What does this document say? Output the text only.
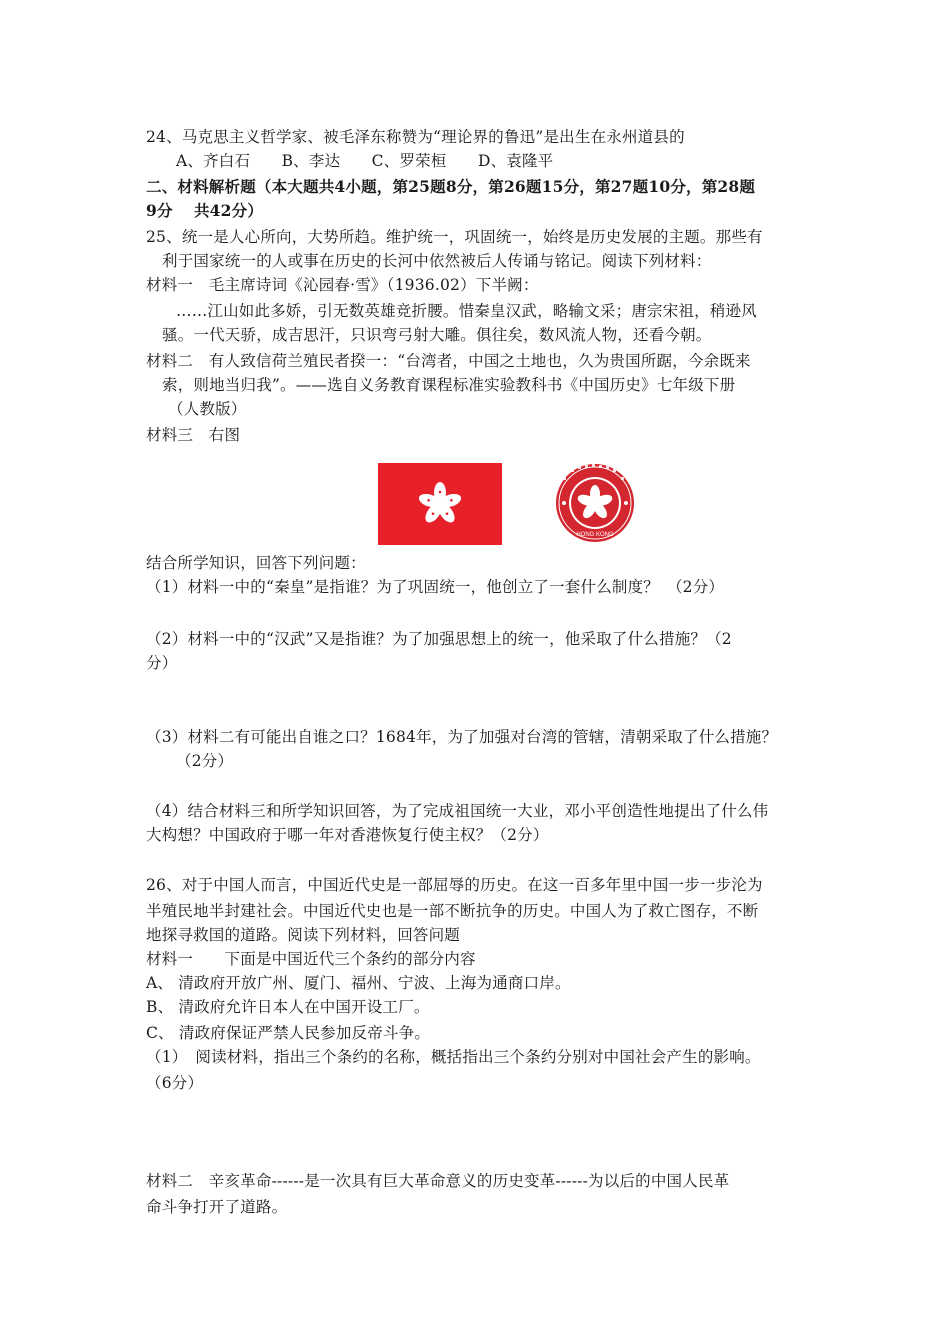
24、马克思主义哲学家、被毛泽东称赞为“理论界的鲁迅”是出生在永州道县的
A、齐白石　　B、李达　　C、罗荣桓　　D、袁隆平
二、材料解析题（本大题共4小题，第25题8分，第26题15分，第27题10分，第28题
9分　 共42分）
25、统一是人心所向，大势所趋。维护统一，巩固统一，始终是历史发展的主题。那些有
利于国家统一的人或事在历史的长河中依然被后人传诵与铭记。阅读下列材料：
材料一　毛主席诗词《沁园春·雪》（1936.02）下半阙：
……江山如此多娇，引无数英雄竞折腰。惜秦皇汉武，略输文采；唐宗宋祖，稍逊风
骚。一代天骄，成吉思汗，只识弯弓射大雕。俱往矣，数风流人物，还看今朝。
材料二　有人致信荷兰殖民者揆一：“台湾者，中国之土地也，久为贵国所踞，今余既来
索，则地当归我”。——选自义务教育课程标准实验教科书《中国历史》七年级下册
（人教版）
材料三　右图
HONG KONG
结合所学知识，回答下列问题：
（1）材料一中的“秦皇”是指谁？为了巩固统一，他创立了一套什么制度？　（2分）
（2）材料一中的“汉武”又是指谁？为了加强思想上的统一，他采取了什么措施？（2
分）
（3）材料二有可能出自谁之口？1684年，为了加强对台湾的管辖，清朝采取了什么措施？
（2分）
（4）结合材料三和所学知识回答，为了完成祖国统一大业，邓小平创造性地提出了什么伟
大构想？中国政府于哪一年对香港恢复行使主权？（2分）
26、对于中国人而言，中国近代史是一部屈辱的历史。在这一百多年里中国一步一步沦为
半殖民地半封建社会。中国近代史也是一部不断抗争的历史。中国人为了救亡图存，不断
地探寻救国的道路。阅读下列材料，回答问题
材料一　　下面是中国近代三个条约的部分内容
A、 清政府开放广州、厦门、福州、宁波、上海为通商口岸。
B、 清政府允许日本人在中国开设工厂。
C、 清政府保证严禁人民参加反帝斗争。
（1）　阅读材料，指出三个条约的名称，概括指出三个条约分别对中国社会产生的影响。
（6分）
材料二　辛亥革命------是一次具有巨大革命意义的历史变革------为以后的中国人民革
命斗争打开了道路。
